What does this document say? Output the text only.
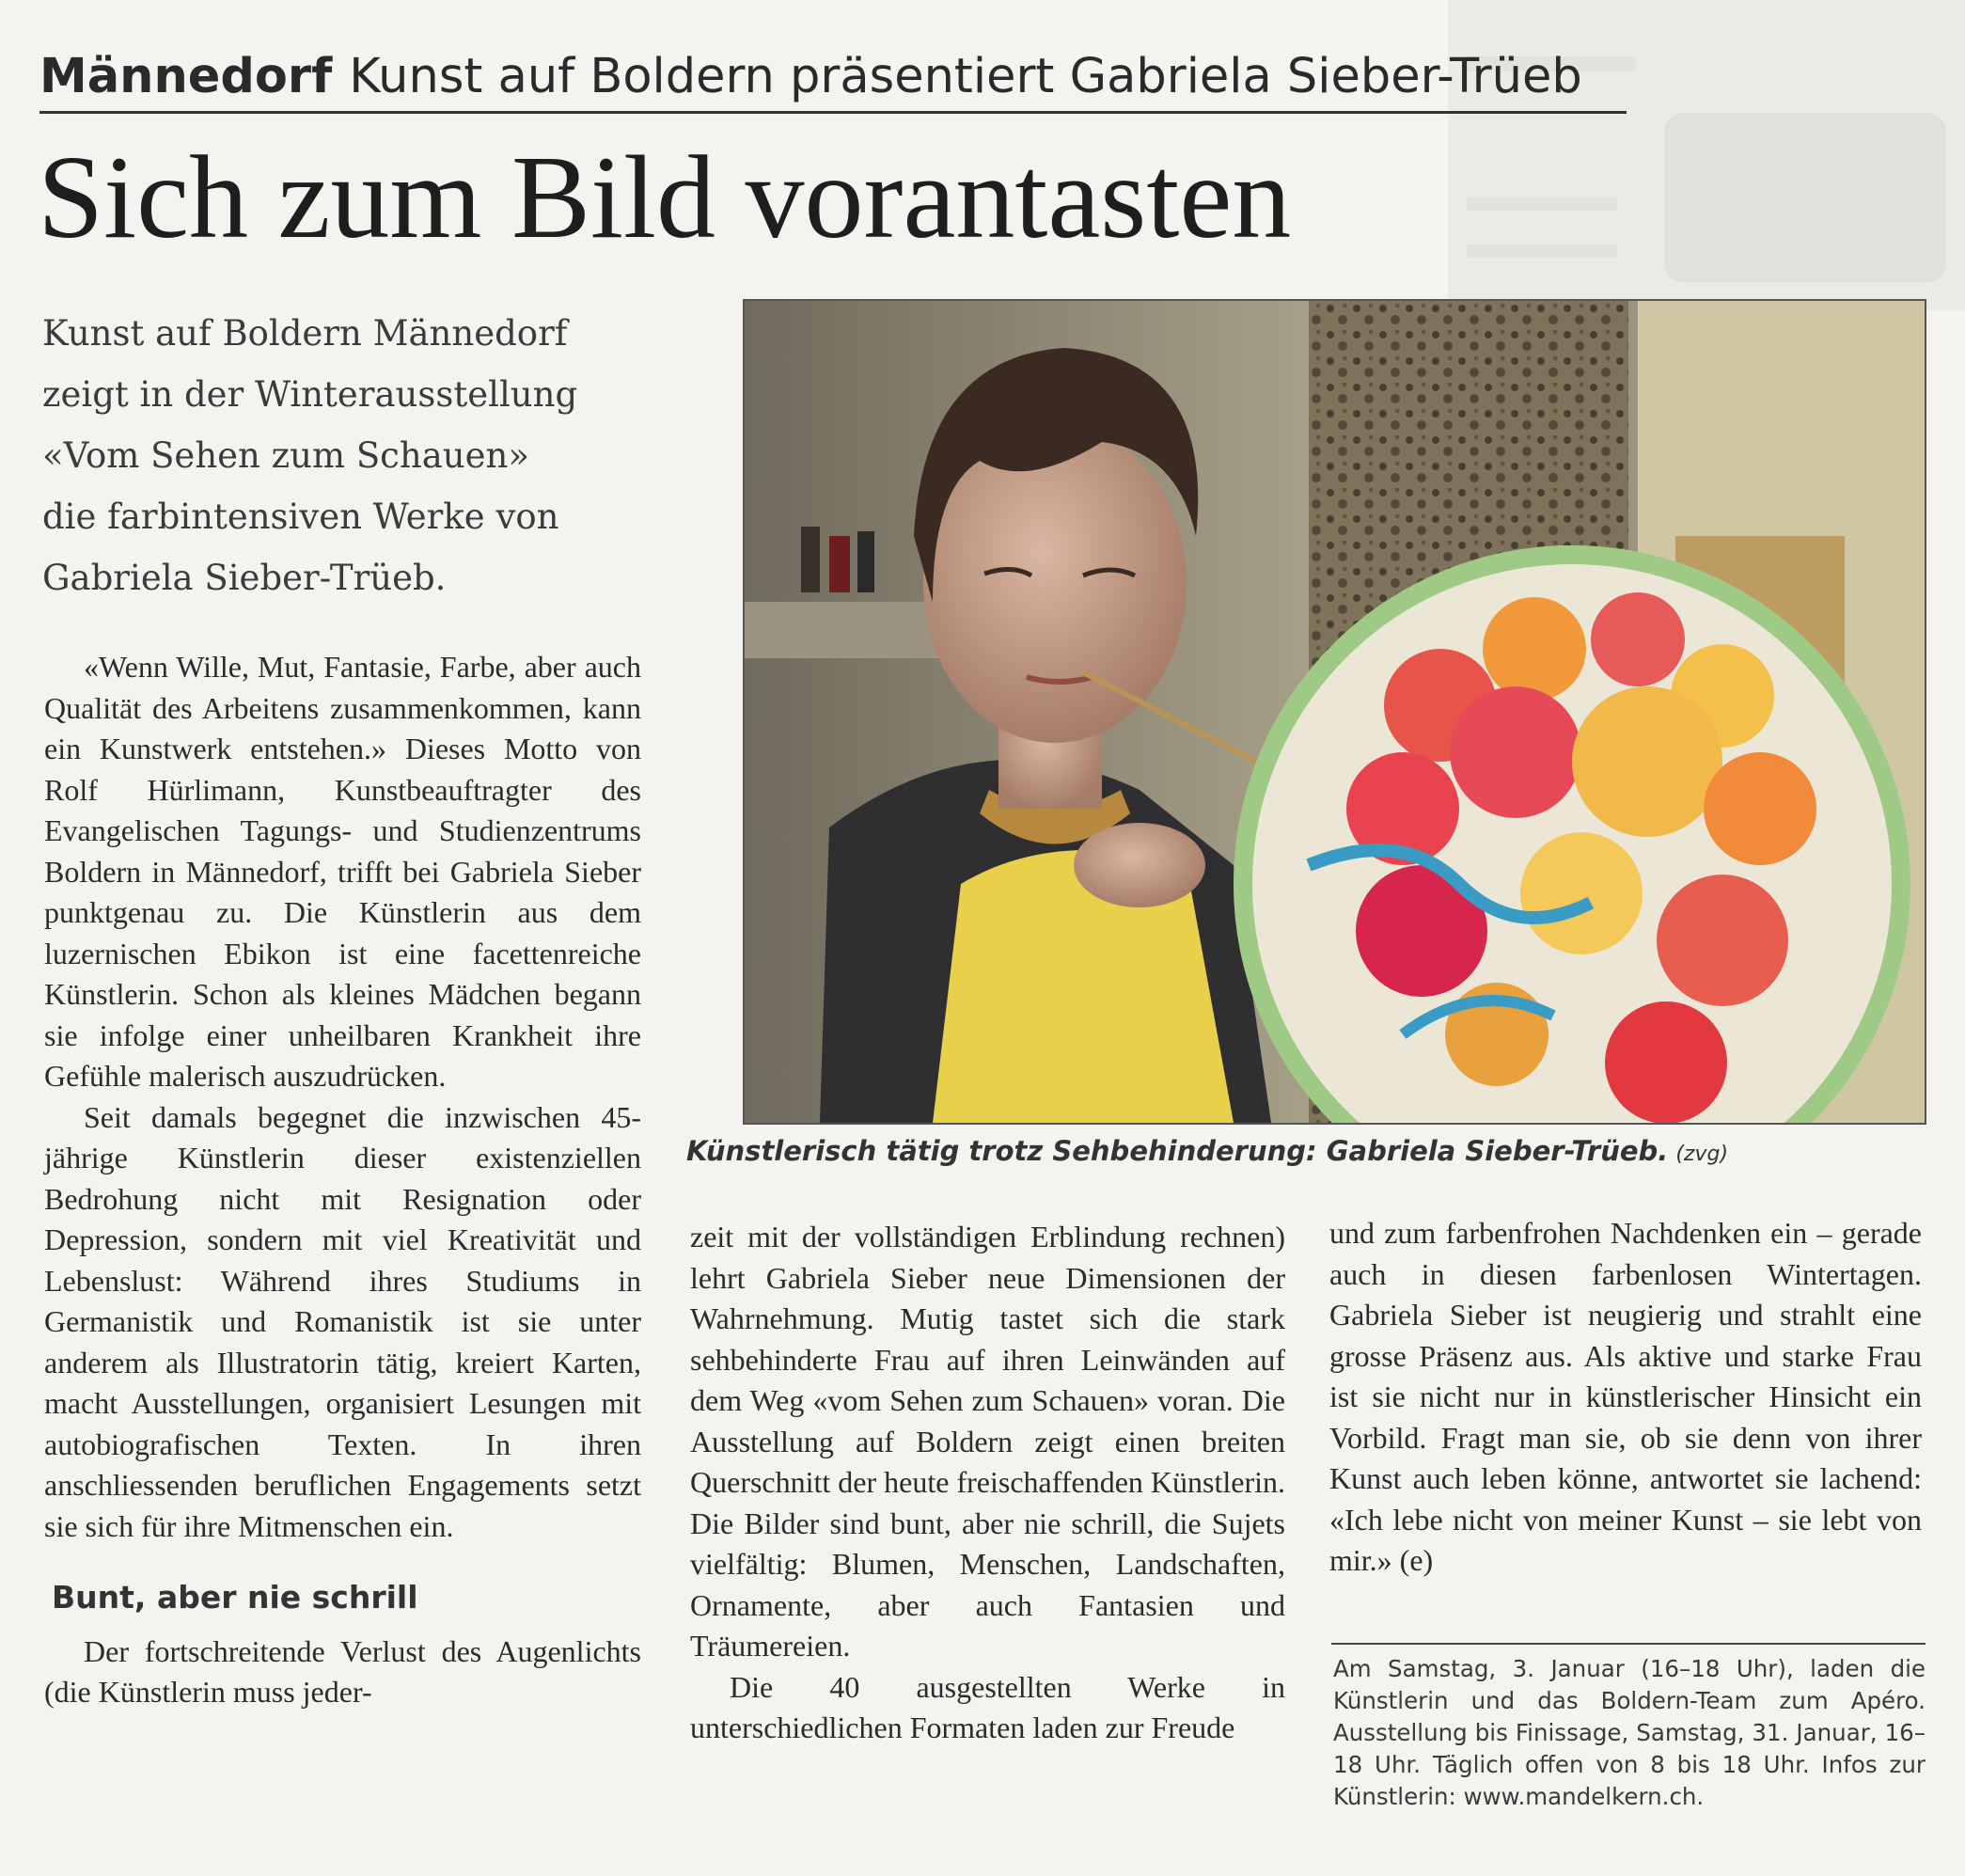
Männedorf Kunst auf Boldern präsentiert Gabriela Sieber-Trüeb
Sich zum Bild vorantasten
Kunst auf Boldern Männedorf
zeigt in der Winterausstellung
«Vom Sehen zum Schauen»
die farbintensiven Werke von
Gabriela Sieber-Trüeb.

«Wenn Wille, Mut, Fantasie, Farbe, aber auch Qualität des Arbeitens zusammenkommen, kann ein Kunstwerk entstehen.» Dieses Motto von Rolf Hürlimann, Kunstbeauftragter des Evangelischen Tagungs- und Studienzentrums Boldern in Männedorf, trifft bei Gabriela Sieber punktgenau zu. Die Künstlerin aus dem luzernischen Ebikon ist eine facettenreiche Künstlerin. Schon als kleines Mädchen begann sie infolge einer unheilbaren Krankheit ihre Gefühle malerisch auszudrücken.

Seit damals begegnet die inzwischen 45-jährige Künstlerin dieser existenziellen Bedrohung nicht mit Resignation oder Depression, sondern mit viel Kreativität und Lebenslust: Während ihres Studiums in Germanistik und Romanistik ist sie unter anderem als Illustratorin tätig, kreiert Karten, macht Ausstellungen, organisiert Lesungen mit autobiografischen Texten. In ihren anschliessenden beruflichen Engagements setzt sie sich für ihre Mitmenschen ein.

Bunt, aber nie schrill

Der fortschreitende Verlust des Augenlichts (die Künstlerin muss jeder-

Künstlerisch tätig trotz Sehbehinderung: Gabriela Sieber-Trüeb. (zvg)

zeit mit der vollständigen Erblindung rechnen) lehrt Gabriela Sieber neue Dimensionen der Wahrnehmung. Mutig tastet sich die stark sehbehinderte Frau auf ihren Leinwänden auf dem Weg «vom Sehen zum Schauen» voran. Die Ausstellung auf Boldern zeigt einen breiten Querschnitt der heute freischaffenden Künstlerin. Die Bilder sind bunt, aber nie schrill, die Sujets vielfältig: Blumen, Menschen, Landschaften, Ornamente, aber auch Fantasien und Träumereien.

Die 40 ausgestellten Werke in unterschiedlichen Formaten laden zur Freude

und zum farbenfrohen Nachdenken ein – gerade auch in diesen farbenlosen Wintertagen. Gabriela Sieber ist neugierig und strahlt eine grosse Präsenz aus. Als aktive und starke Frau ist sie nicht nur in künstlerischer Hinsicht ein Vorbild. Fragt man sie, ob sie denn von ihrer Kunst auch leben könne, antwortet sie lachend: «Ich lebe nicht von meiner Kunst – sie lebt von mir.» (e)

Am Samstag, 3. Januar (16–18 Uhr), laden die Künstlerin und das Boldern-Team zum Apéro. Ausstellung bis Finissage, Samstag, 31. Januar, 16–18 Uhr. Täglich offen von 8 bis 18 Uhr. Infos zur Künstlerin: www.mandelkern.ch.
